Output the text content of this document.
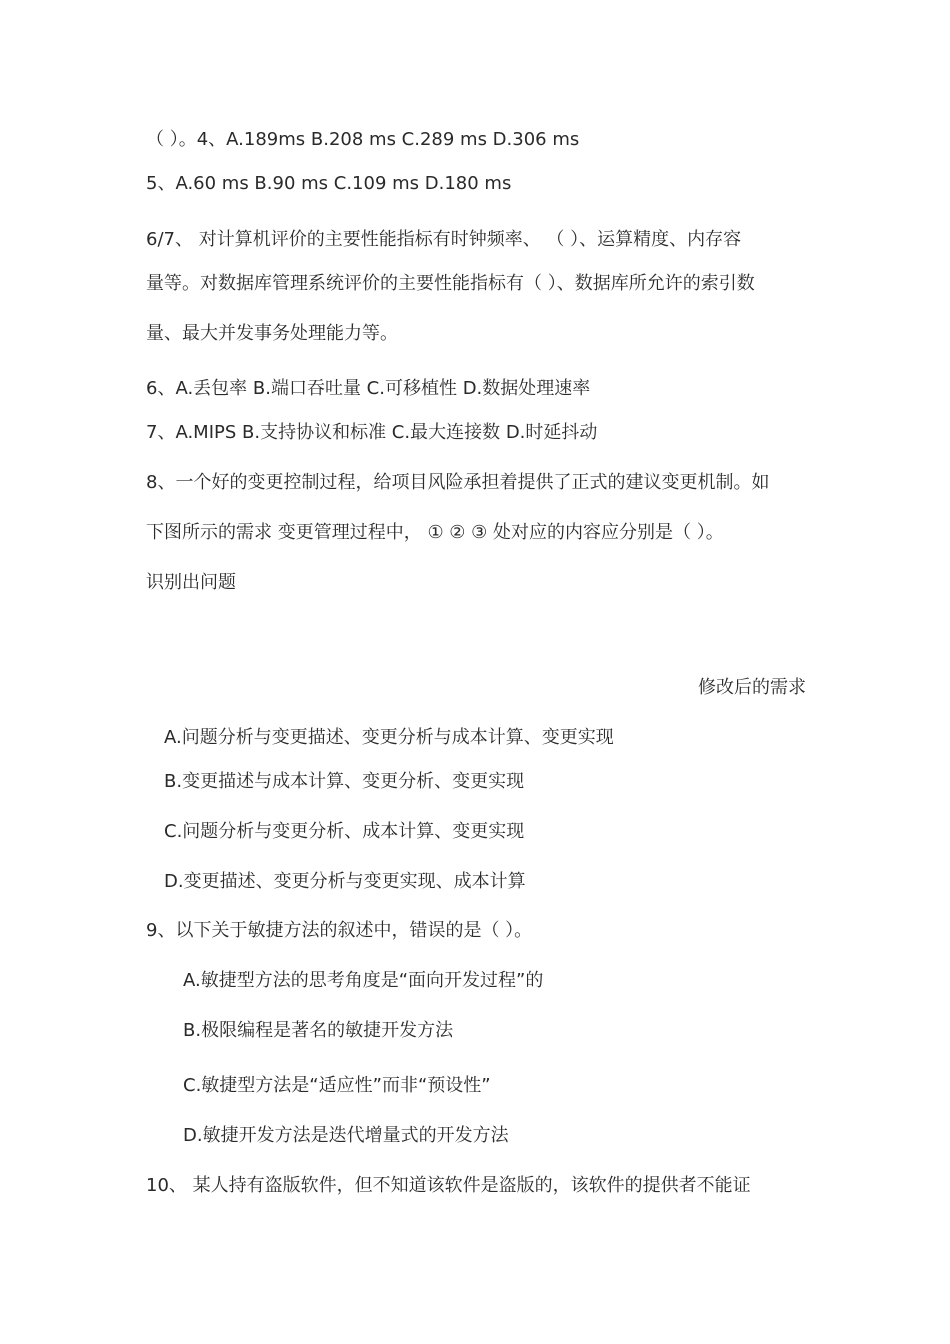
（ ）。4、A.189ms B.208 ms C.289 ms D.306 ms
5、A.60 ms B.90 ms C.109 ms D.180 ms
6/7、 对计算机评价的主要性能指标有时钟频率、 （ ）、运算精度、内存容
量等。对数据库管理系统评价的主要性能指标有（ ）、数据库所允许的索引数
量、最大并发事务处理能力等。
6、A.丢包率 B.端口吞吐量 C.可移植性 D.数据处理速率
7、A.MIPS B.支持协议和标准 C.最大连接数 D.时延抖动
8、一个好的变更控制过程，给项目风险承担着提供了正式的建议变更机制。如
下图所示的需求 变更管理过程中， ① ② ③ 处对应的内容应分别是（ ）。
识别出问题
修改后的需求
A.问题分析与变更描述、变更分析与成本计算、变更实现
B.变更描述与成本计算、变更分析、变更实现
C.问题分析与变更分析、成本计算、变更实现
D.变更描述、变更分析与变更实现、成本计算
9、以下关于敏捷方法的叙述中，错误的是（ ）。
A.敏捷型方法的思考角度是“面向开发过程”的
B.极限编程是著名的敏捷开发方法
C.敏捷型方法是“适应性”而非“预设性”
D.敏捷开发方法是迭代增量式的开发方法
10、 某人持有盗版软件，但不知道该软件是盗版的，该软件的提供者不能证
